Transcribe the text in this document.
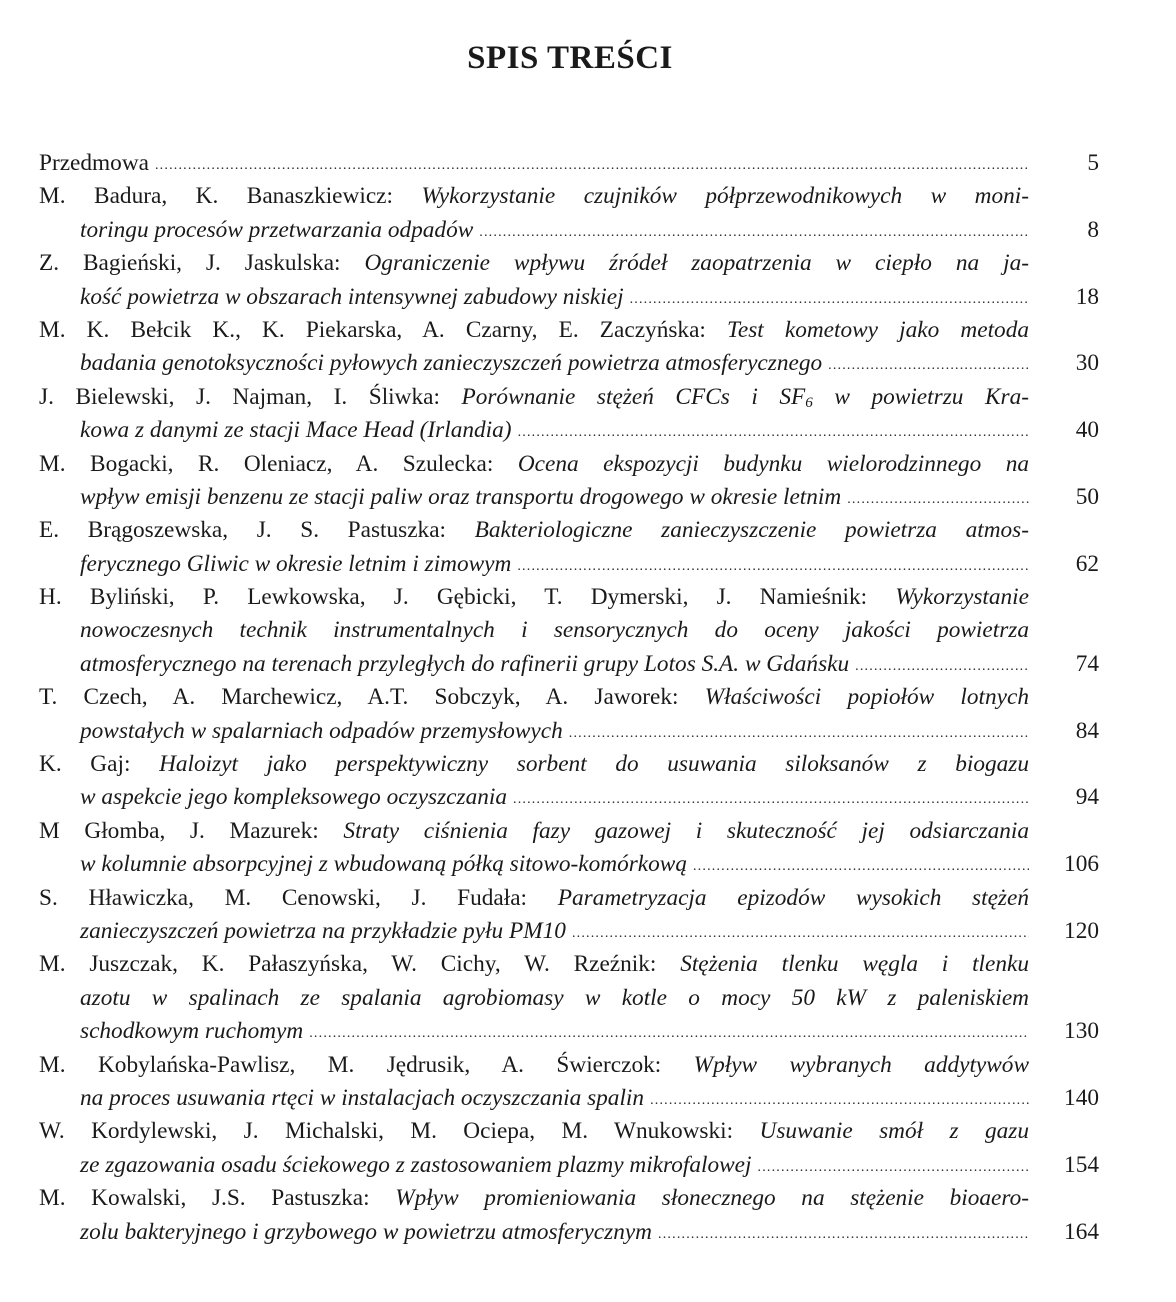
SPIS TREŚCI
Przedmowa .....	5
M. Badura, K. Banaszkiewicz: Wykorzystanie czujników półprzewodnikowych w moni-
toringu procesów przetwarzania odpadów .....	8
Z. Bagieński, J. Jaskulska: Ograniczenie wpływu źródeł zaopatrzenia w ciepło na ja-
kość powietrza w obszarach intensywnej zabudowy niskiej .....	18
M. K. Bełcik K., K. Piekarska, A. Czarny, E. Zaczyńska: Test kometowy jako metoda
badania genotoksyczności pyłowych zanieczyszczeń powietrza atmosferycznego .....	30
J. Bielewski, J. Najman, I. Śliwka: Porównanie stężeń CFCs i $SF_6$ w powietrzu Kra-
kowa z danymi ze stacji Mace Head (Irlandia) .....	40
M. Bogacki, R. Oleniacz, A. Szulecka: Ocena ekspozycji budynku wielorodzinnego na
wpływ emisji benzenu ze stacji paliw oraz transportu drogowego w okresie letnim .....	50
E. Brągoszewska, J. S. Pastuszka: Bakteriologiczne zanieczyszczenie powietrza atmos-
ferycznego Gliwic w okresie letnim i zimowym .....	62
H. Byliński, P. Lewkowska, J. Gębicki, T. Dymerski, J. Namieśnik: Wykorzystanie
nowoczesnych technik instrumentalnych i sensorycznych do oceny jakości powietrza
atmosferycznego na terenach przyległych do rafinerii grupy Lotos S.A. w Gdańsku .....	74
T. Czech, A. Marchewicz, A.T. Sobczyk, A. Jaworek: Właściwości popiołów lotnych
powstałych w spalarniach odpadów przemysłowych .....	84
K. Gaj: Haloizyt jako perspektywiczny sorbent do usuwania siloksanów z biogazu
w aspekcie jego kompleksowego oczyszczania .....	94
M Głomba, J. Mazurek: Straty ciśnienia fazy gazowej i skuteczność jej odsiarczania
w kolumnie absorpcyjnej z wbudowaną półką sitowo-komórkową .....	106
S. Hławiczka, M. Cenowski, J. Fudała: Parametryzacja epizodów wysokich stężeń
zanieczyszczeń powietrza na przykładzie pyłu PM10 .....	120
M. Juszczak, K. Pałaszyńska, W. Cichy, W. Rzeźnik: Stężenia tlenku węgla i tlenku
azotu w spalinach ze spalania agrobiomasy w kotle o mocy 50 kW z paleniskiem
schodkowym ruchomym .....	130
M. Kobylańska-Pawlisz, M. Jędrusik, A. Świerczok: Wpływ wybranych addytywów
na proces usuwania rtęci w instalacjach oczyszczania spalin .....	140
W. Kordylewski, J. Michalski, M. Ociepa, M. Wnukowski: Usuwanie smół z gazu
ze zgazowania osadu ściekowego z zastosowaniem plazmy mikrofalowej .....	154
M. Kowalski, J.S. Pastuszka: Wpływ promieniowania słonecznego na stężenie bioaero-
zolu bakteryjnego i grzybowego w powietrzu atmosferycznym .....	164
